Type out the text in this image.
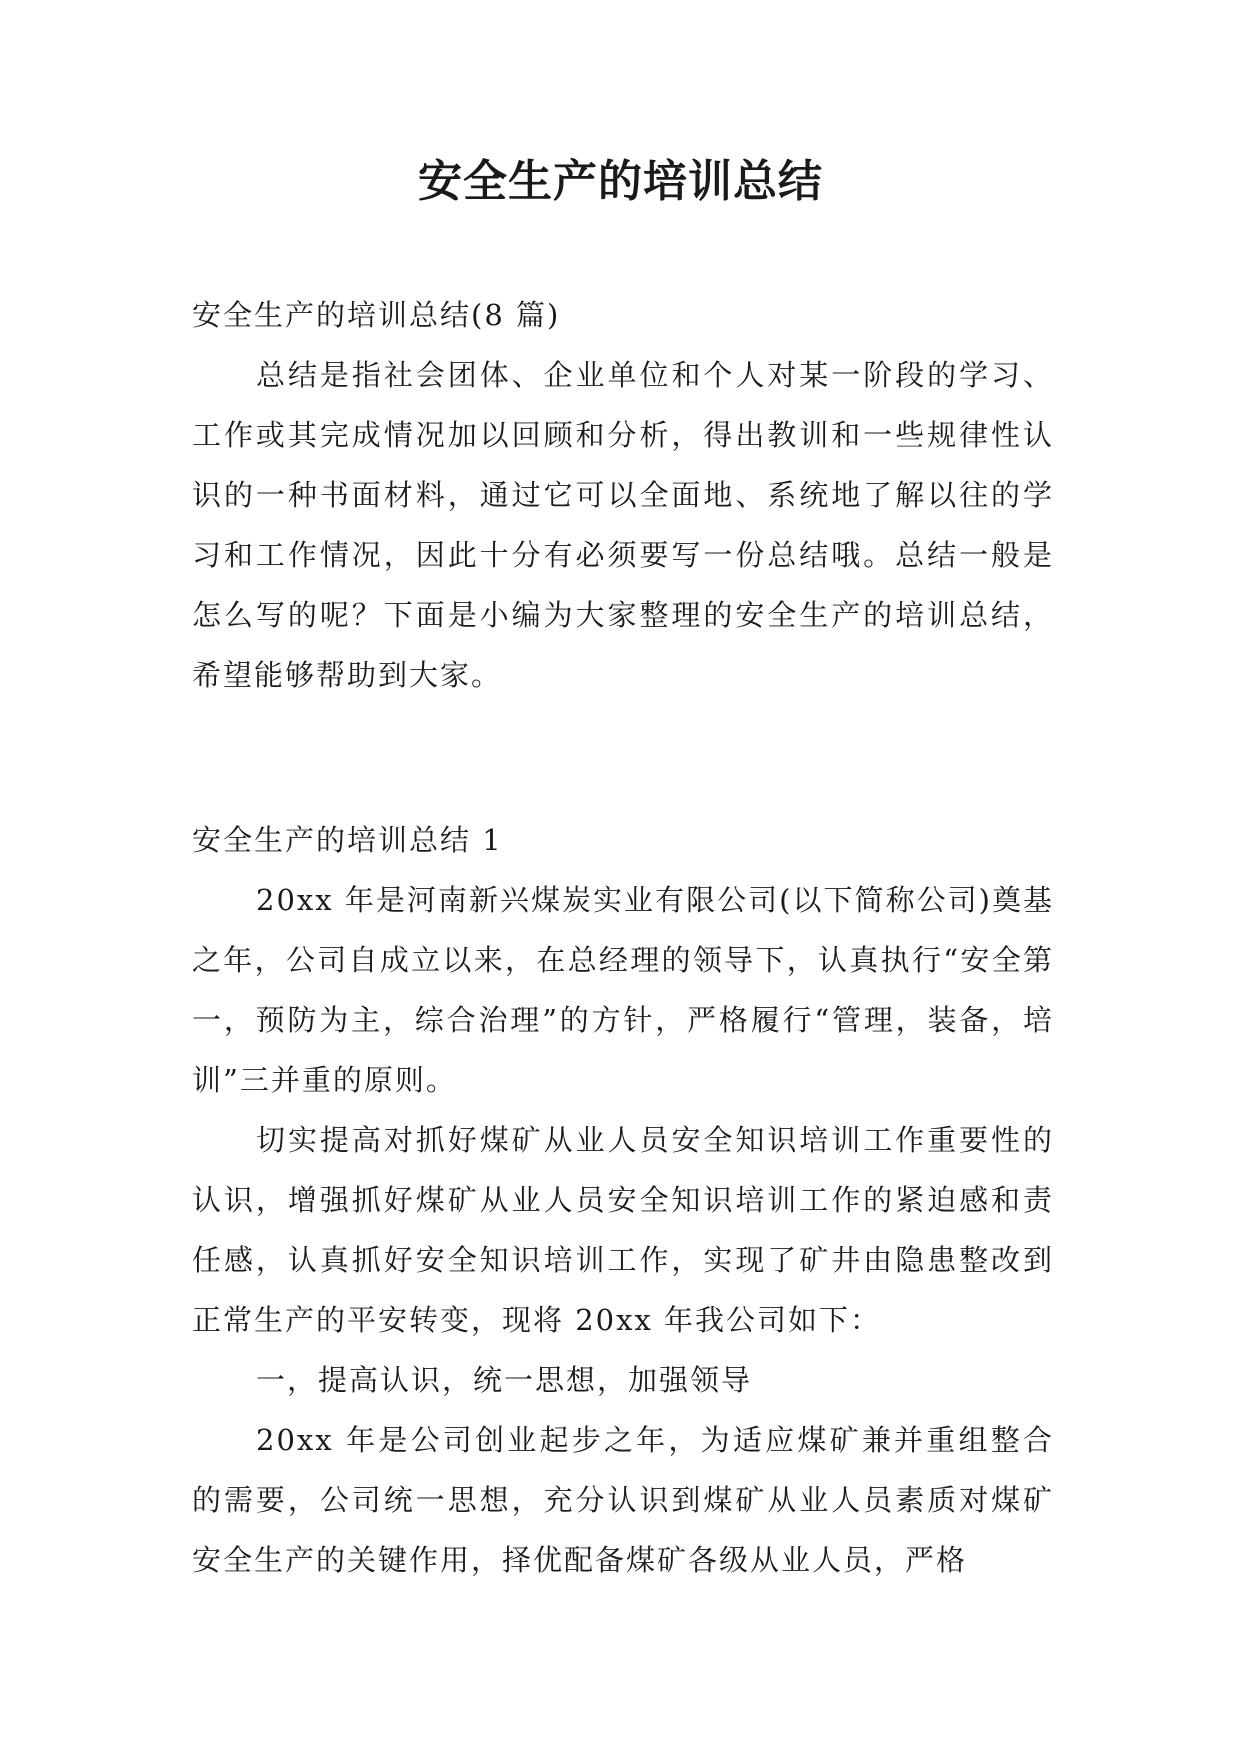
安全生产的培训总结

安全生产的培训总结(8 篇)

总结是指社会团体、企业单位和个人对某一阶段的学习、工作或其完成情况加以回顾和分析，得出教训和一些规律性认识的一种书面材料，通过它可以全面地、系统地了解以往的学习和工作情况，因此十分有必须要写一份总结哦。总结一般是怎么写的呢？下面是小编为大家整理的安全生产的培训总结，希望能够帮助到大家。

安全生产的培训总结 1

20xx 年是河南新兴煤炭实业有限公司(以下简称公司)奠基之年，公司自成立以来，在总经理的领导下，认真执行“安全第一，预防为主，综合治理”的方针，严格履行“管理，装备，培训”三并重的原则。

切实提高对抓好煤矿从业人员安全知识培训工作重要性的认识，增强抓好煤矿从业人员安全知识培训工作的紧迫感和责任感，认真抓好安全知识培训工作，实现了矿井由隐患整改到正常生产的平安转变，现将 20xx 年我公司如下：

一，提高认识，统一思想，加强领导

20xx 年是公司创业起步之年，为适应煤矿兼并重组整合的需要，公司统一思想，充分认识到煤矿从业人员素质对煤矿安全生产的关键作用，择优配备煤矿各级从业人员，严格
